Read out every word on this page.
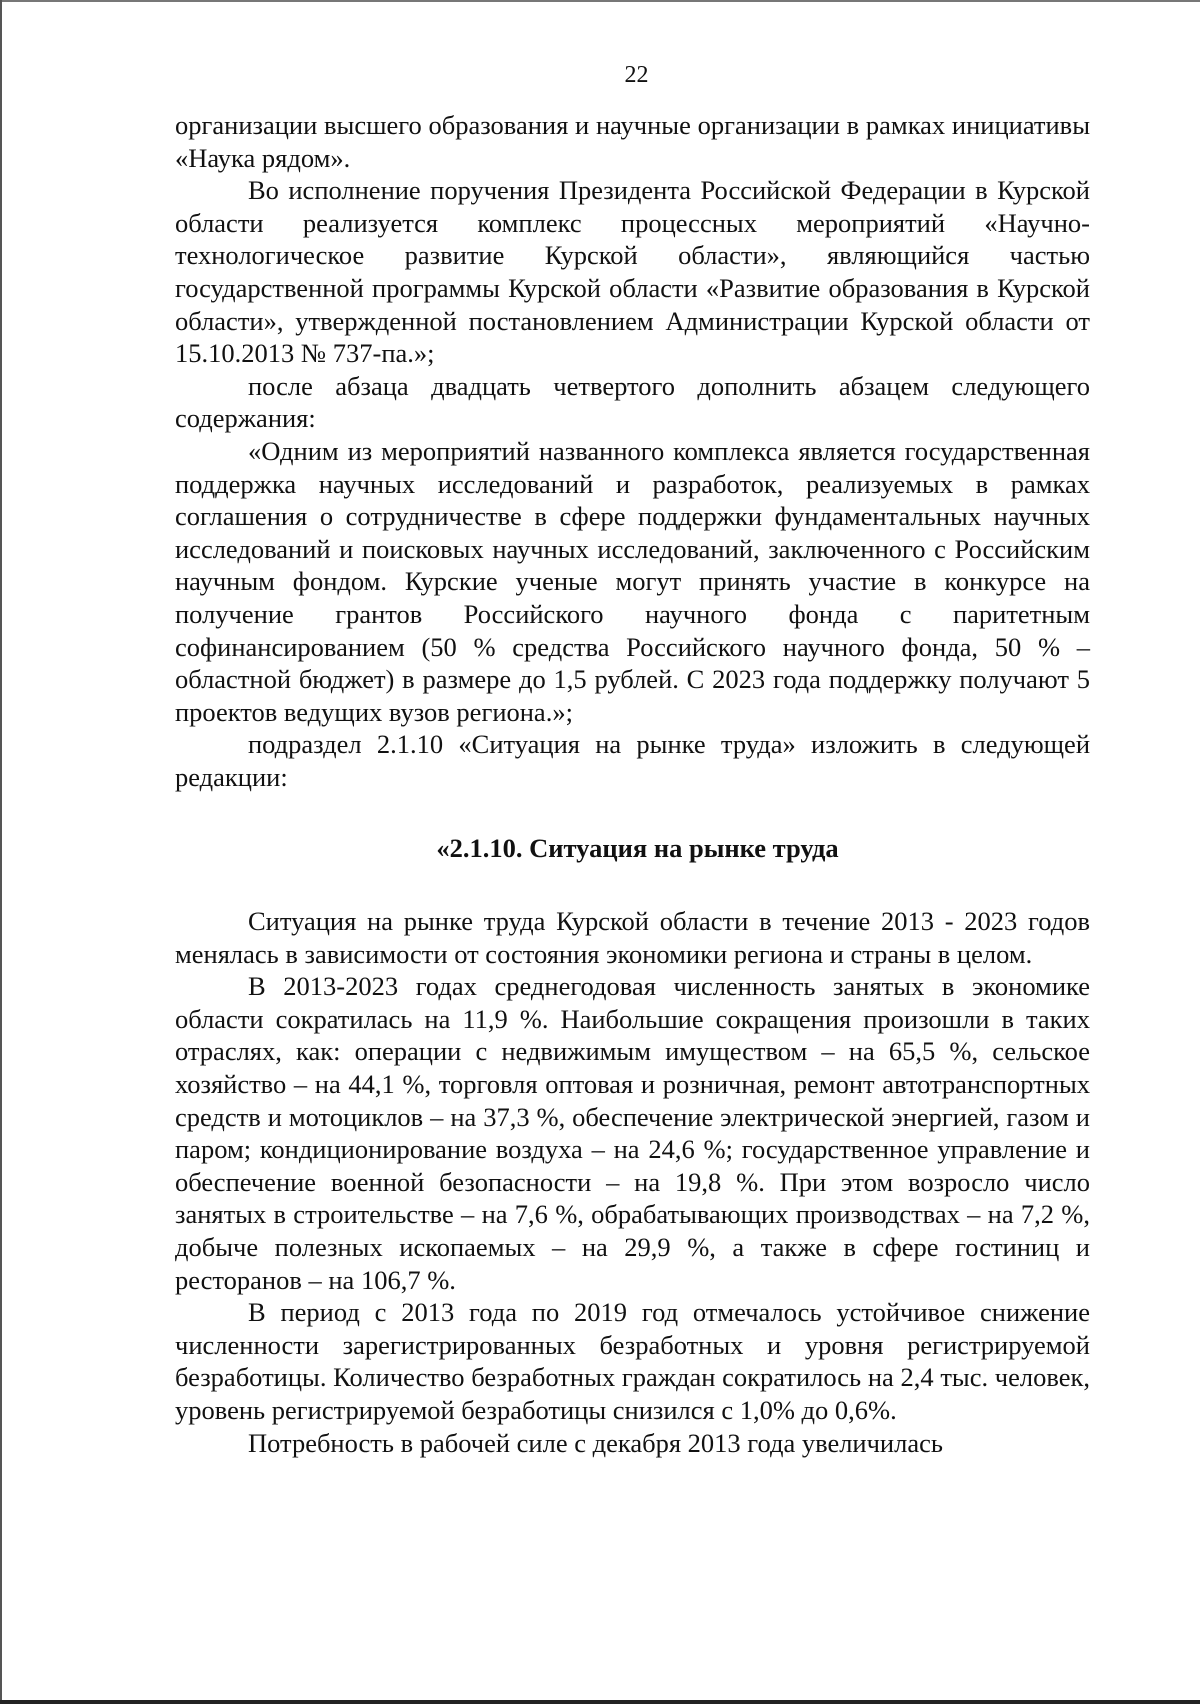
22

организации высшего образования и научные организации в рамках инициативы «Наука рядом».

Во исполнение поручения Президента Российской Федерации в Курской области реализуется комплекс процессных мероприятий «Научно-технологическое развитие Курской области», являющийся частью государственной программы Курской области «Развитие образования в Курской области», утвержденной постановлением Администрации Курской области от 15.10.2013 № 737-па.»;

после абзаца двадцать четвертого дополнить абзацем следующего содержания:

«Одним из мероприятий названного комплекса является государственная поддержка научных исследований и разработок, реализуемых в рамках соглашения о сотрудничестве в сфере поддержки фундаментальных научных исследований и поисковых научных исследований, заключенного с Российским научным фондом. Курские ученые могут принять участие в конкурсе на получение грантов Российского научного фонда с паритетным софинансированием (50 % средства Российского научного фонда, 50 % – областной бюджет) в размере до 1,5 рублей. С 2023 года поддержку получают 5 проектов ведущих вузов региона.»;

подраздел 2.1.10 «Ситуация на рынке труда» изложить в следующей редакции:

«2.1.10. Ситуация на рынке труда

Ситуация на рынке труда Курской области в течение 2013 - 2023 годов менялась в зависимости от состояния экономики региона и страны в целом.

В 2013-2023 годах среднегодовая численность занятых в экономике области сократилась на 11,9 %. Наибольшие сокращения произошли в таких отраслях, как: операции с недвижимым имуществом – на 65,5 %, сельское хозяйство – на 44,1 %, торговля оптовая и розничная, ремонт автотранспортных средств и мотоциклов – на 37,3 %, обеспечение электрической энергией, газом и паром; кондиционирование воздуха – на 24,6 %; государственное управление и обеспечение военной безопасности – на 19,8 %. При этом возросло число занятых в строительстве – на 7,6 %, обрабатывающих производствах – на 7,2 %, добыче полезных ископаемых – на 29,9 %, а также в сфере гостиниц и ресторанов – на 106,7 %.

В период с 2013 года по 2019 год отмечалось устойчивое снижение численности зарегистрированных безработных и уровня регистрируемой безработицы. Количество безработных граждан сократилось на 2,4 тыс. человек, уровень регистрируемой безработицы снизился с 1,0% до 0,6%.

Потребность в рабочей силе с декабря 2013 года увеличилась
